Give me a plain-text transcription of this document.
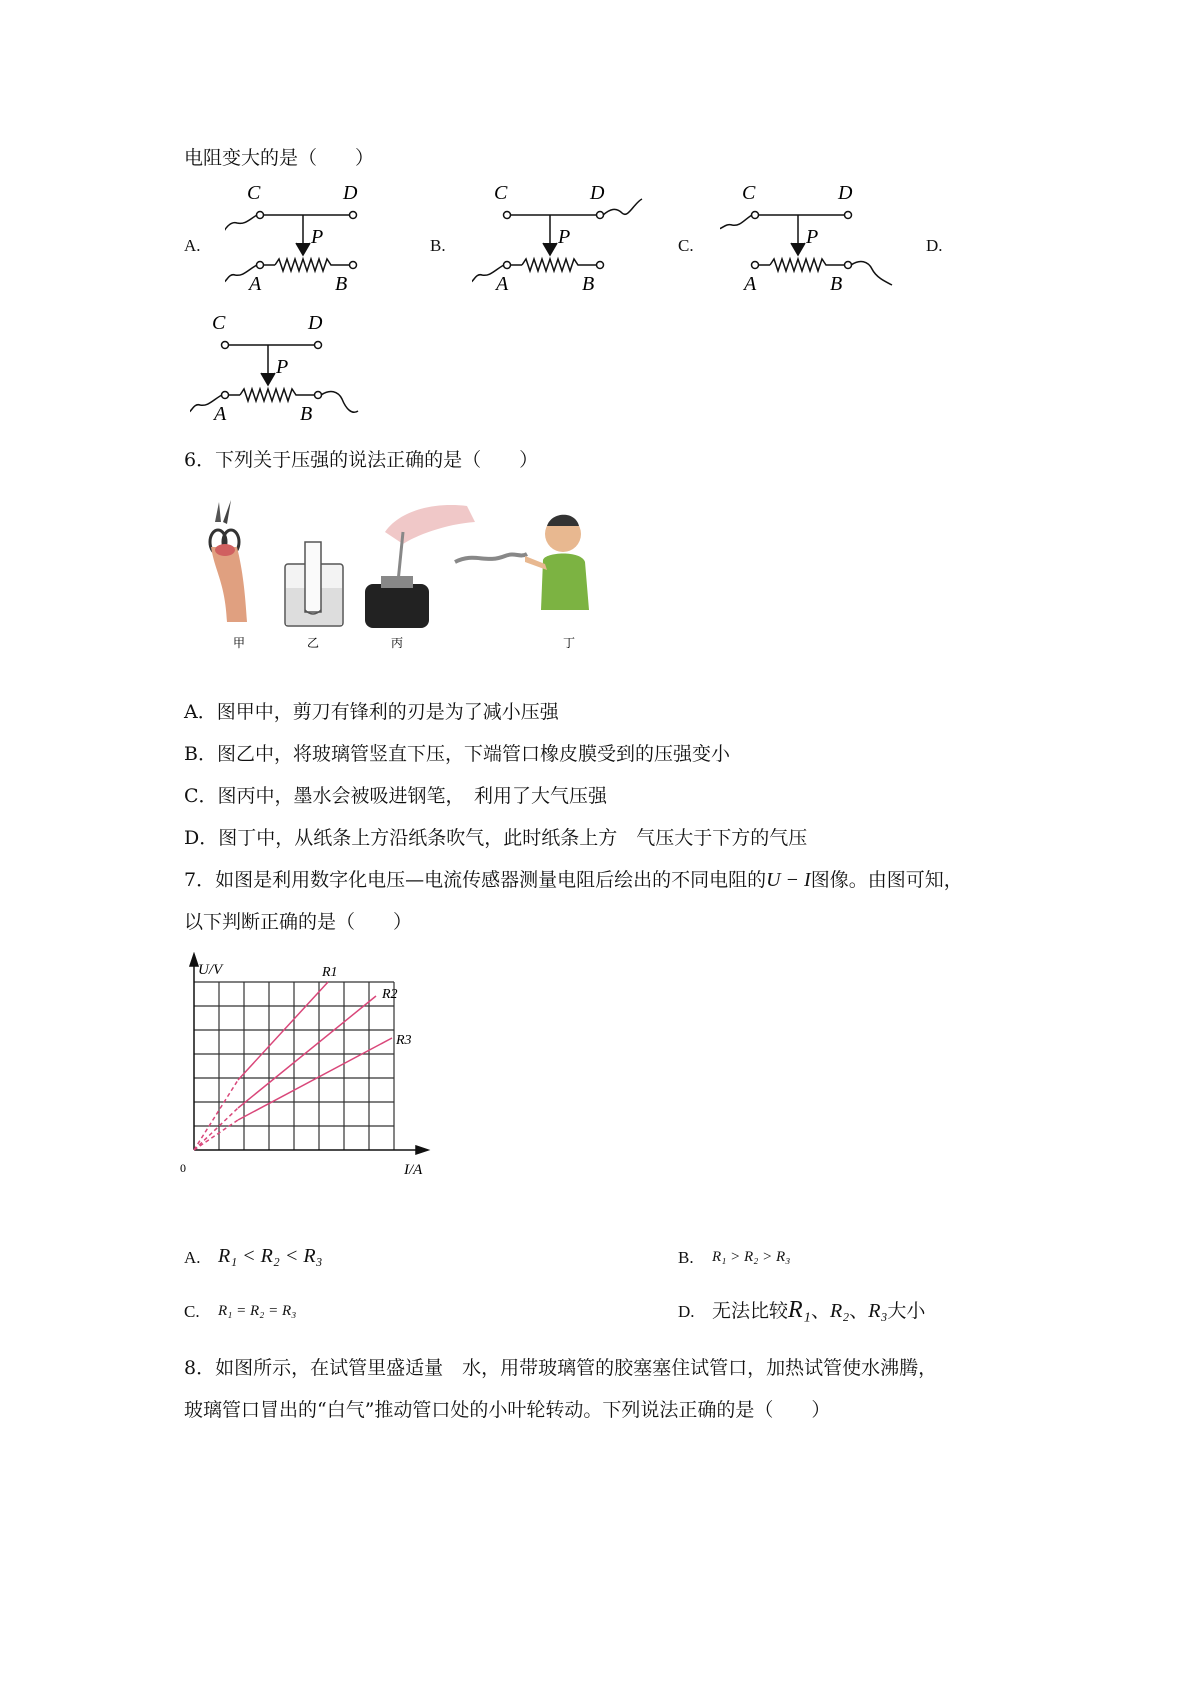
电阻变大的是（　　）
A.	B.	C.	D.
C	D
P
A	B
C	D
P
A	B
C	D
P
A	B
C	D
P
A	B
6．下列关于压强的说法正确的是（　　）
甲	乙	丙	丁
A．图甲中，剪刀有锋利的刃是为了减小压强
B．图乙中，将玻璃管竖直下压，下端管口橡皮膜受到的压强变小
C．图丙中，墨水会被吸进钢笔，　利用了大气压强
D．图丁中，从纸条上方沿纸条吹气，此时纸条上方　气压大于下方的气压
7．如图是利用数字化电压—电流传感器测量电阻后绘出的不同电阻的U − I图像。由图可知，
以下判断正确的是（　　）
U/V
I/A
0
R1
R2
R3
A. R₁ < R₂ < R₃	B. R₁ > R₂ > R₃
C. R₁ = R₂ = R₃	D. 无法比较R₁、R₂、R₃大小
8．如图所示，在试管里盛适量　水，用带玻璃管的胶塞塞住试管口，加热试管使水沸腾，
玻璃管口冒出的“白气”推动管口处的小叶轮转动。下列说法正确的是（　　）
